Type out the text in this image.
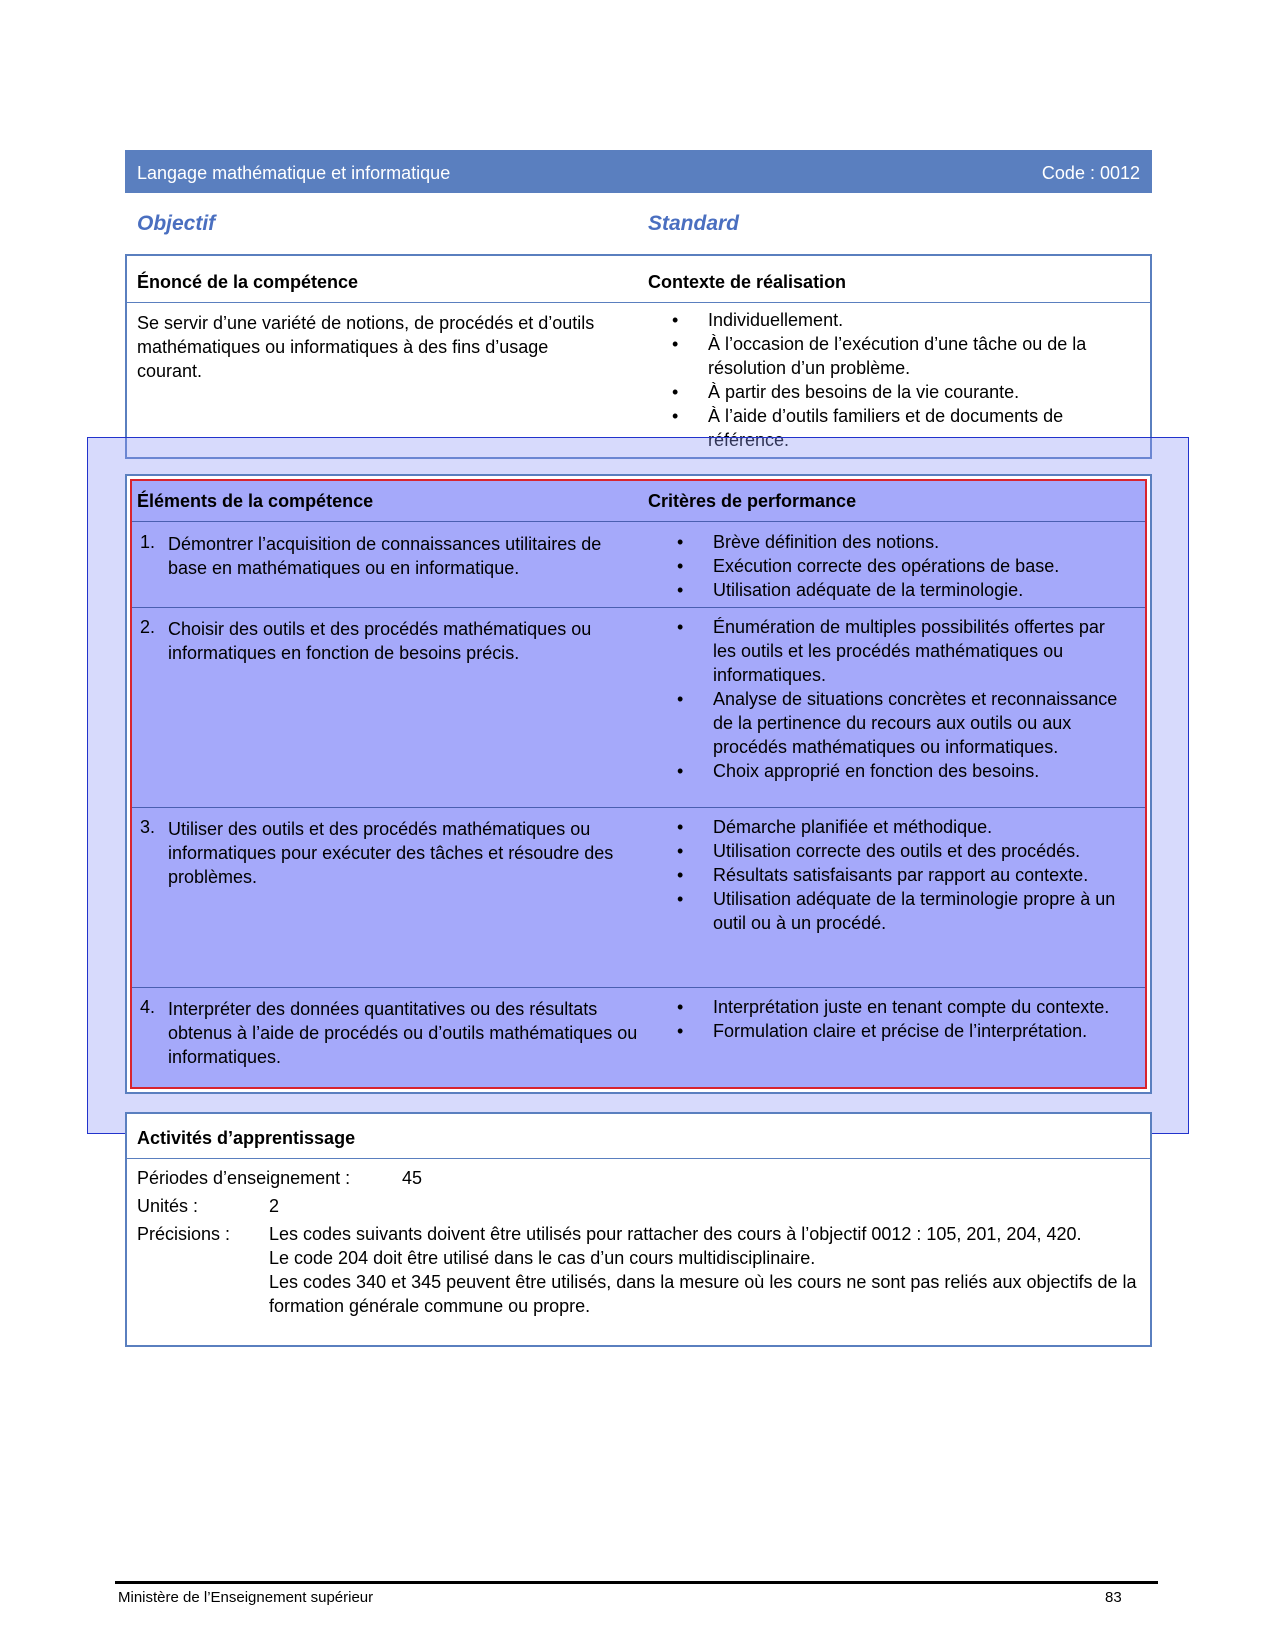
Langage mathématique et informatique	Code : 0012
Objectif	Standard
Énoncé de la compétence	Contexte de réalisation
Se servir d’une variété de notions, de procédés et d’outils mathématiques ou informatiques à des fins d’usage courant.
• Individuellement.
• À l’occasion de l’exécution d’une tâche ou de la résolution d’un problème.
• À partir des besoins de la vie courante.
• À l’aide d’outils familiers et de documents de référence.
Éléments de la compétence	Critères de performance
1. Démontrer l’acquisition de connaissances utilitaires de base en mathématiques ou en informatique.
• Brève définition des notions.
• Exécution correcte des opérations de base.
• Utilisation adéquate de la terminologie.
2. Choisir des outils et des procédés mathématiques ou informatiques en fonction de besoins précis.
• Énumération de multiples possibilités offertes par les outils et les procédés mathématiques ou informatiques.
• Analyse de situations concrètes et reconnaissance de la pertinence du recours aux outils ou aux procédés mathématiques ou informatiques.
• Choix approprié en fonction des besoins.
3. Utiliser des outils et des procédés mathématiques ou informatiques pour exécuter des tâches et résoudre des problèmes.
• Démarche planifiée et méthodique.
• Utilisation correcte des outils et des procédés.
• Résultats satisfaisants par rapport au contexte.
• Utilisation adéquate de la terminologie propre à un outil ou à un procédé.
4. Interpréter des données quantitatives ou des résultats obtenus à l’aide de procédés ou d’outils mathématiques ou informatiques.
• Interprétation juste en tenant compte du contexte.
• Formulation claire et précise de l’interprétation.
Activités d’apprentissage
Périodes d’enseignement :	45
Unités :	2
Précisions : Les codes suivants doivent être utilisés pour rattacher des cours à l’objectif 0012 : 105, 201, 204, 420.
Le code 204 doit être utilisé dans le cas d’un cours multidisciplinaire.
Les codes 340 et 345 peuvent être utilisés, dans la mesure où les cours ne sont pas reliés aux objectifs de la formation générale commune ou propre.
Ministère de l’Enseignement supérieur	83
